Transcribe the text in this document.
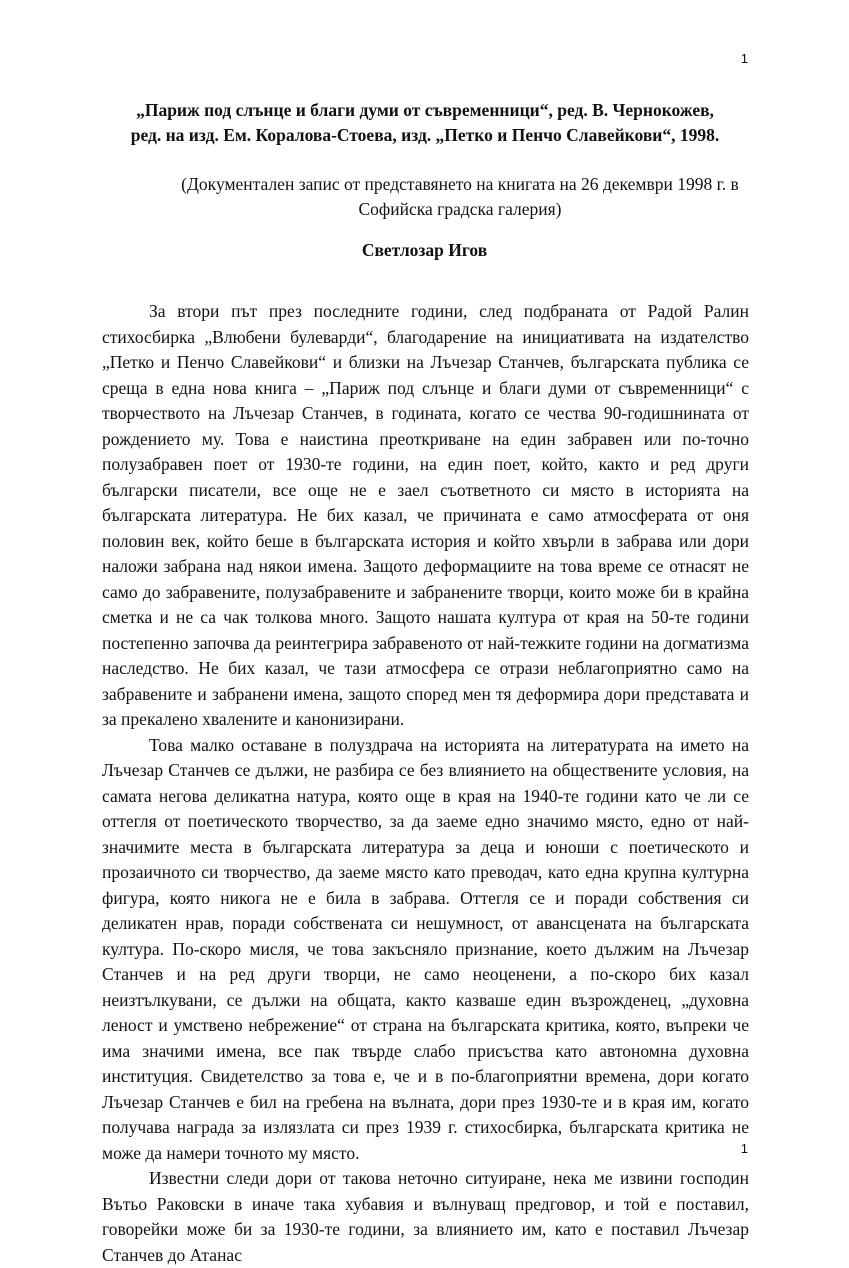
1
„Париж под слънце и благи думи от съвременници“, ред. В. Чернокожев,
ред. на изд. Ем. Коралова-Стоева, изд. „Петко и Пенчо Славейкови“, 1998.
(Документален запис от представянето на книгата на 26 декември 1998 г. в
Софийска градска галерия)
Светлозар Игов

За втори път през последните години, след подбраната от Радой Ралин стихосбирка „Влюбени булеварди“, благодарение на инициативата на издателство „Петко и Пенчо Славейкови“ и близки на Лъчезар Станчев, българската публика се среща в една нова книга – „Париж под слънце и благи думи от съвременници“ с творчеството на Лъчезар Станчев, в годината, когато се чества 90-годишнината от рождението му. Това е наистина преоткриване на един забравен или по-точно полузабравен поет от 1930-те години, на един поет, който, както и ред други български писатели, все още не е заел съответното си място в историята на българската литература. Не бих казал, че причината е само атмосферата от оня половин век, който беше в българската история и който хвърли в забрава или дори наложи забрана над някои имена. Защото деформациите на това време се отнасят не само до забравените, полузабравените и забранените творци, които може би в крайна сметка и не са чак толкова много. Защото нашата култура от края на 50-те години постепенно започва да реинтегрира забравеното от най-тежките години на догматизма наследство. Не бих казал, че тази атмосфера се отрази неблагоприятно само на забравените и забранени имена, защото според мен тя деформира дори представата и за прекалено хвалените и канонизирани.

Това малко оставане в полуздрача на историята на литературата на името на Лъчезар Станчев се дължи, не разбира се без влиянието на обществените условия, на самата негова деликатна натура, която още в края на 1940-те години като че ли се оттегля от поетическото творчество, за да заеме едно значимо място, едно от най-значимите места в българската литература за деца и юноши с поетическото и прозаичното си творчество, да заеме място като преводач, като една крупна културна фигура, която никога не е била в забрава. Оттегля се и поради собствения си деликатен нрав, поради собствената си нешумност, от авансцената на българската култура. По-скоро мисля, че това закъсняло признание, което дължим на Лъчезар Станчев и на ред други творци, не само неоценени, а по-скоро бих казал неизтълкувани, се дължи на общата, както казваше един възрожденец, „духовна леност и умствено небрежение“ от страна на българската критика, която, въпреки че има значими имена, все пак твърде слабо присъства като автономна духовна институция. Свидетелство за това е, че и в по-благоприятни времена, дори когато Лъчезар Станчев е бил на гребена на вълната, дори през 1930-те и в края им, когато получава награда за излязлата си през 1939 г. стихосбирка, българската критика не може да намери точното му място.

Известни следи дори от такова неточно ситуиране, нека ме извини господин Вътьо Раковски в иначе така хубавия и вълнуващ предговор, и той е поставил, говорейки може би за 1930-те години, за влиянието им, като е поставил Лъчезар Станчев до Атанас

1
